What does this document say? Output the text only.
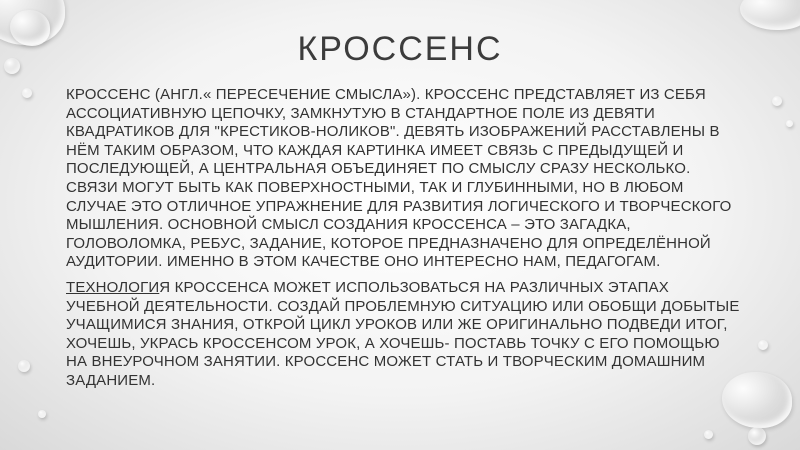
КРОССЕНС

КРОССЕНС (АНГЛ.« ПЕРЕСЕЧЕНИЕ СМЫСЛА»). КРОССЕНС ПРЕДСТАВЛЯЕТ ИЗ СЕБЯ АССОЦИАТИВНУЮ ЦЕПОЧКУ, ЗАМКНУТУЮ В СТАНДАРТНОЕ ПОЛЕ ИЗ ДЕВЯТИ КВАДРАТИКОВ ДЛЯ "КРЕСТИКОВ-НОЛИКОВ". ДЕВЯТЬ ИЗОБРАЖЕНИЙ РАССТАВЛЕНЫ В НЁМ ТАКИМ ОБРАЗОМ, ЧТО КАЖДАЯ КАРТИНКА ИМЕЕТ СВЯЗЬ С ПРЕДЫДУЩЕЙ И ПОСЛЕДУЮЩЕЙ, А ЦЕНТРАЛЬНАЯ ОБЪЕДИНЯЕТ ПО СМЫСЛУ СРАЗУ НЕСКОЛЬКО. СВЯЗИ МОГУТ БЫТЬ КАК ПОВЕРХНОСТНЫМИ, ТАК И ГЛУБИННЫМИ, НО В ЛЮБОМ СЛУЧАЕ ЭТО ОТЛИЧНОЕ УПРАЖНЕНИЕ ДЛЯ РАЗВИТИЯ ЛОГИЧЕСКОГО И ТВОРЧЕСКОГО МЫШЛЕНИЯ. ОСНОВНОЙ СМЫСЛ СОЗДАНИЯ КРОССЕНСА – ЭТО ЗАГАДКА, ГОЛОВОЛОМКА, РЕБУС, ЗАДАНИЕ, КОТОРОЕ ПРЕДНАЗНАЧЕНО ДЛЯ ОПРЕДЕЛЁННОЙ АУДИТОРИИ. ИМЕННО В ЭТОМ КАЧЕСТВЕ ОНО ИНТЕРЕСНО НАМ, ПЕДАГОГАМ.

ТЕХНОЛОГИЯ КРОССЕНСА МОЖЕТ ИСПОЛЬЗОВАТЬСЯ НА РАЗЛИЧНЫХ ЭТАПАХ УЧЕБНОЙ ДЕЯТЕЛЬНОСТИ. СОЗДАЙ ПРОБЛЕМНУЮ СИТУАЦИЮ ИЛИ ОБОБЩИ ДОБЫТЫЕ УЧАЩИМИСЯ ЗНАНИЯ, ОТКРОЙ ЦИКЛ УРОКОВ ИЛИ ЖЕ ОРИГИНАЛЬНО ПОДВЕДИ ИТОГ, ХОЧЕШЬ, УКРАСЬ КРОССЕНСОМ УРОК, А ХОЧЕШЬ- ПОСТАВЬ ТОЧКУ С ЕГО ПОМОЩЬЮ НА ВНЕУРОЧНОМ ЗАНЯТИИ. КРОССЕНС МОЖЕТ СТАТЬ И ТВОРЧЕСКИМ ДОМАШНИМ ЗАДАНИЕМ.
